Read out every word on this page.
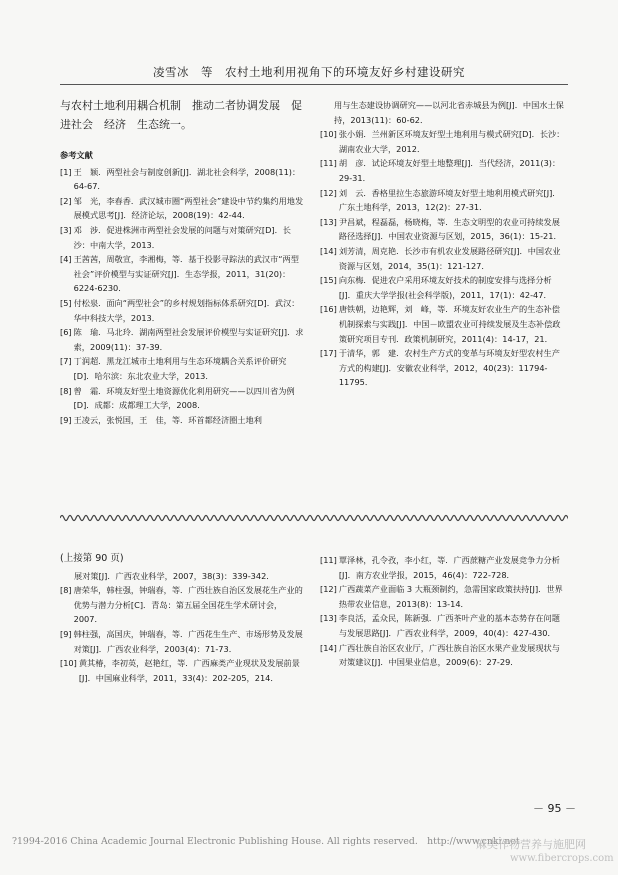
凌雪冰　等　农村土地利用视角下的环境友好乡村建设研究

与农村土地利用耦合机制　推动二者协调发展　促进社会　经济　生态统一。

参考文献
[1] 王　颖．两型社会与制度创新[J]．湖北社会科学，2008(11)：64-67．
[2] 邹　光，李春香．武汉城市圈“两型社会”建设中节约集约用地发展模式思考[J]．经济论坛，2008(19)：42-44．
[3] 邓　涉．促进株洲市两型社会发展的问题与对策研究[D]．长沙：中南大学，2013．
[4] 王茜茜，周敬宣，李湘梅，等．基于投影寻踪法的武汉市“两型社会”评价模型与实证研究[J]．生态学报，2011，31(20)：6224-6230．
[5] 付松泉．面向“两型社会”的乡村规划指标体系研究[D]．武汉：华中科技大学，2013．
[6] 陈　瑜．马北玲．湖南两型社会发展评价模型与实证研究[J]．求索，2009(11)：37-39．
[7] 丁润超．黑龙江城市土地利用与生态环境耦合关系评价研究[D]．哈尔滨：东北农业大学，2013．
[8] 曾　霜．环境友好型土地资源优化利用研究——以四川省为例[D]．成都：成都理工大学，2008．
[9] 王凌云，张悦国，王　佳，等．环首都经济圈土地利
用与生态建设协调研究——以河北省赤城县为例[J]．中国水土保持，2013(11)：60-62．
[10] 张小娟．兰州新区环境友好型土地利用与模式研究[D]．长沙：湖南农业大学，2012．
[11] 胡　彦．试论环境友好型土地整理[J]．当代经济，2011(3)：29-31．
[12] 刘　云．香格里拉生态旅游环境友好型土地利用模式研究[J]．广东土地科学，2013，12(2)：27-31．
[13] 尹昌斌，程磊磊，杨晓梅，等．生态文明型的农业可持续发展路径选择[J]．中国农业资源与区划，2015，36(1)：15-21．
[14] 刘芳清，周克艳．长沙市有机农业发展路径研究[J]．中国农业资源与区划，2014，35(1)：121-127．
[15] 向东梅．促进农户采用环境友好技术的制度安排与选择分析[J]．重庆大学学报(社会科学版)，2011，17(1)：42-47．
[16] 唐铁朝，边艳辉，刘　峰，等．环境友好农业生产的生态补偿机制探索与实践[J]．中国－欧盟农业可持续发展及生态补偿政策研究项目专刊．政策机制研究，2011(4)：14-17，21．
[17] 于清华，郭　建．农村生产方式的变革与环境友好型农村生产方式的构建[J]．安徽农业科学，2012，40(23)：11794-11795．
(上接第 90 页)
展对策[J]．广西农业科学，2007，38(3)：339-342．
[8] 唐荣华，韩柱强，钟瑞春，等．广西壮族自治区发展花生产业的优势与潜力分析[C]．青岛：第五届全国花生学术研讨会，2007．
[9] 韩柱强，高国庆，钟瑞春，等．广西花生生产、市场形势及发展对策[J]．广西农业科学，2003(4)：71-73．
[10] 黄其椿，李初英，赵艳红，等．广西麻类产业现状及发展前景[J]．中国麻业科学，2011，33(4)：202-205，214．
[11] 覃泽林，孔令孜，李小红，等．广西蔗糖产业发展竞争力分析[J]．南方农业学报，2015，46(4)：722-728．
[12] 广西蔬菜产业面临 3 大瓶颈制约，急需国家政策扶持[J]．世界热带农业信息，2013(8)：13-14．
[13] 李良活，孟众民，陈新强．广西茶叶产业的基本态势存在问题与发展思路[J]．广西农业科学，2009，40(4)：427-430．
[14] 广西壮族自治区农业厅，广西壮族自治区水果产业发展现状与对策建议[J]．中国果业信息，2009(6)：27-29．
－ 95 －
?1994-2016 China Academic Journal Electronic Publishing House. All rights reserved.　http://www.cnki.net
麻类作物营养与施肥网
www.fibercrops.com
